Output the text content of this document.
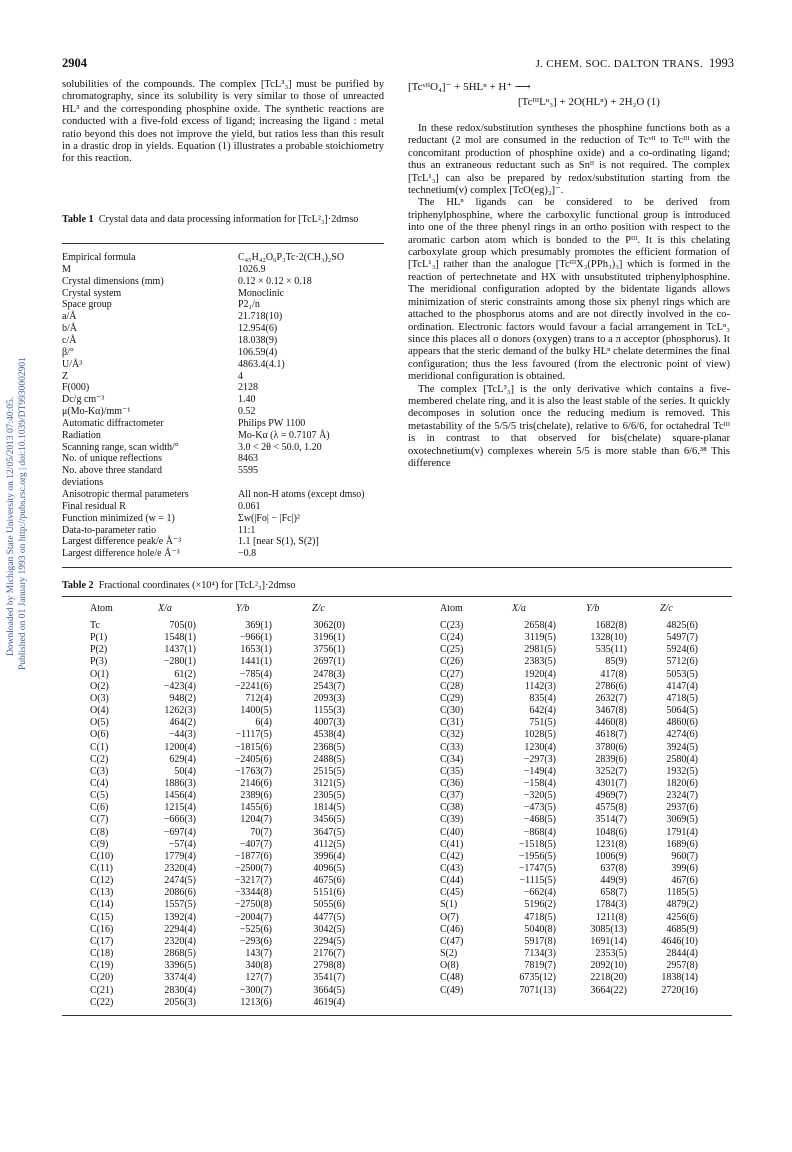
2904	J. CHEM. SOC. DALTON TRANS. 1993
Downloaded by Michigan State University on 12/05/2013 07:40:05. Published on 01 January 1993 on http://pubs.rsc.org | doi:10.1039/DT9930002901

solubilities of the compounds. The complex [TcL³₃] must be purified by chromatography, since its solubility is very similar to those of unreacted HL³ and the corresponding phosphine oxide. The synthetic reactions are conducted with a five-fold excess of ligand; increasing the ligand : metal ratio beyond this does not improve the yield, but ratios less than this result in a drastic drop in yields. Equation (1) illustrates a probable stoichiometry for this reaction.

Table 1 Crystal data and data processing information for [TcL²₃]·2dmso
Empirical formula	C₄₅H₄₂O₆P₃Tc·2(CH₃)₂SO
M	1026.9
Crystal dimensions (mm)	0.12 × 0.12 × 0.18
Crystal system	Monoclinic
Space group	P2₁/n
a/Å	21.718(10)
b/Å	12.954(6)
c/Å	18.038(9)
β/°	106.59(4)
U/Å³	4863.4(4.1)
Z	4
F(000)	2128
Dc/g cm⁻³	1.40
μ(Mo-Kα)/mm⁻¹	0.52
Automatic diffractometer	Philips PW 1100
Radiation	Mo-Kα (λ = 0.7107 Å)
Scanning range, scan width/°	3.0 < 2θ < 50.0, 1.20
No. of unique reflections	8463
No. above three standard	5595
deviations
Anisotropic thermal parameters	All non-H atoms (except dmso)
Final residual R	0.061
Function minimized (w = 1)	Σw(|Fo| − |Fc|)²
Data-to-parameter ratio	11:1
Largest difference peak/e Å⁻³	1.1 [near S(1), S(2)]
Largest difference hole/e Å⁻³	−0.8
[TcᵛᴵᴵO₄]⁻ + 5HLⁿ + H⁺ ⟶
[TcᴵᴵᴵLⁿ₃] + 2O(HLⁿ) + 2H₂O (1)

In these redox/substitution syntheses the phosphine functions both as a reductant (2 mol are consumed in the reduction of Tcᵛᴵᴵ to Tcᴵᴵᴵ with the concomitant production of phosphine oxide) and a co-ordinating ligand; thus an extraneous reductant such as Snᴵᴵ is not required. The complex [TcL¹₃] can also be prepared by redox/substitution starting from the technetium(v) complex [TcO(eg)₂]⁻.

The HLⁿ ligands can be considered to be derived from triphenylphosphine, where the carboxylic functional group is introduced into one of the three phenyl rings in an ortho position with respect to the aromatic carbon atom which is bonded to the Pᴵᴵᴵ. It is this chelating carboxylate group which presumably promotes the efficient formation of [TcL¹₃] rather than the analogue [TcᴵᴵᴵX₃(PPh₃)₃] which is formed in the reaction of pertechnetate and HX with unsubstituted triphenylphosphine. The meridional configuration adopted by the bidentate ligands allows minimization of steric constraints among those six phenyl rings which are attached to the phosphorus atoms and are not directly involved in the co-ordination. Electronic factors would favour a facial arrangement in TcLⁿ₃ since this places all σ donors (oxygen) trans to a π acceptor (phosphorus). It appears that the steric demand of the bulky HLⁿ chelate determines the final configuration; thus the less favoured (from the electronic point of view) meridional configuration is obtained.

The complex [TcL³₃] is the only derivative which contains a five-membered chelate ring, and it is also the least stable of the series. It quickly decomposes in solution once the reducing medium is removed. This metastability of the 5/5/5 tris(chelate), relative to 6/6/6, for octahedral Tcᴵᴵᴵ is in contrast to that observed for bis(chelate) square-planar oxotechnetium(v) complexes wherein 5/5 is more stable than 6/6.³⁸ This difference

Table 2 Fractional coordinates (×10⁴) for [TcL²₃]·2dmso
Atom	X/a	Y/b	Z/c
Tc	705(0)	369(1)	3062(0)
P(1)	1548(1)	−966(1)	3196(1)
P(2)	1437(1)	1653(1)	3756(1)
P(3)	−280(1)	1441(1)	2697(1)
O(1)	61(2)	−785(4)	2478(3)
O(2)	−423(4)	−2241(6)	2543(7)
O(3)	948(2)	712(4)	2093(3)
O(4)	1262(3)	1400(5)	1155(3)
O(5)	464(2)	6(4)	4007(3)
O(6)	−44(3)	−1117(5)	4538(4)
C(1)	1200(4)	−1815(6)	2368(5)
C(2)	629(4)	−2405(6)	2488(5)
C(3)	50(4)	−1763(7)	2515(5)
C(4)	1886(3)	2146(6)	3121(5)
C(5)	1456(4)	2389(6)	2305(5)
C(6)	1215(4)	1455(6)	1814(5)
C(7)	−666(3)	1204(7)	3456(5)
C(8)	−697(4)	70(7)	3647(5)
C(9)	−57(4)	−407(7)	4112(5)
C(10)	1779(4)	−1877(6)	3996(4)
C(11)	2320(4)	−2500(7)	4096(5)
C(12)	2474(5)	−3217(7)	4675(6)
C(13)	2086(6)	−3344(8)	5151(6)
C(14)	1557(5)	−2750(8)	5055(6)
C(15)	1392(4)	−2004(7)	4477(5)
C(16)	2294(4)	−525(6)	3042(5)
C(17)	2320(4)	−293(6)	2294(5)
C(18)	2868(5)	143(7)	2176(7)
C(19)	3396(5)	340(8)	2798(8)
C(20)	3374(4)	127(7)	3541(7)
C(21)	2830(4)	−300(7)	3664(5)
C(22)	2056(3)	1213(6)	4619(4)
Atom	X/a	Y/b	Z/c
C(23)	2658(4)	1682(8)	4825(6)
C(24)	3119(5)	1328(10)	5497(7)
C(25)	2981(5)	535(11)	5924(6)
C(26)	2383(5)	85(9)	5712(6)
C(27)	1920(4)	417(8)	5053(5)
C(28)	1142(3)	2786(6)	4147(4)
C(29)	835(4)	2632(7)	4718(5)
C(30)	642(4)	3467(8)	5064(5)
C(31)	751(5)	4460(8)	4860(6)
C(32)	1028(5)	4618(7)	4274(6)
C(33)	1230(4)	3780(6)	3924(5)
C(34)	−297(3)	2839(6)	2580(4)
C(35)	−149(4)	3252(7)	1932(5)
C(36)	−158(4)	4301(7)	1820(6)
C(37)	−320(5)	4969(7)	2324(7)
C(38)	−473(5)	4575(8)	2937(6)
C(39)	−468(5)	3514(7)	3069(5)
C(40)	−868(4)	1048(6)	1791(4)
C(41)	−1518(5)	1231(8)	1689(6)
C(42)	−1956(5)	1006(9)	960(7)
C(43)	−1747(5)	637(8)	399(6)
C(44)	−1115(5)	449(9)	467(6)
C(45)	−662(4)	658(7)	1185(5)
S(1)	5196(2)	1784(3)	4879(2)
O(7)	4718(5)	1211(8)	4256(6)
C(46)	5040(8)	3085(13)	4685(9)
C(47)	5917(8)	1691(14)	4646(10)
S(2)	7134(3)	2353(5)	2844(4)
O(8)	7819(7)	2092(10)	2957(8)
C(48)	6735(12)	2218(20)	1838(14)
C(49)	7071(13)	3664(22)	2720(16)
